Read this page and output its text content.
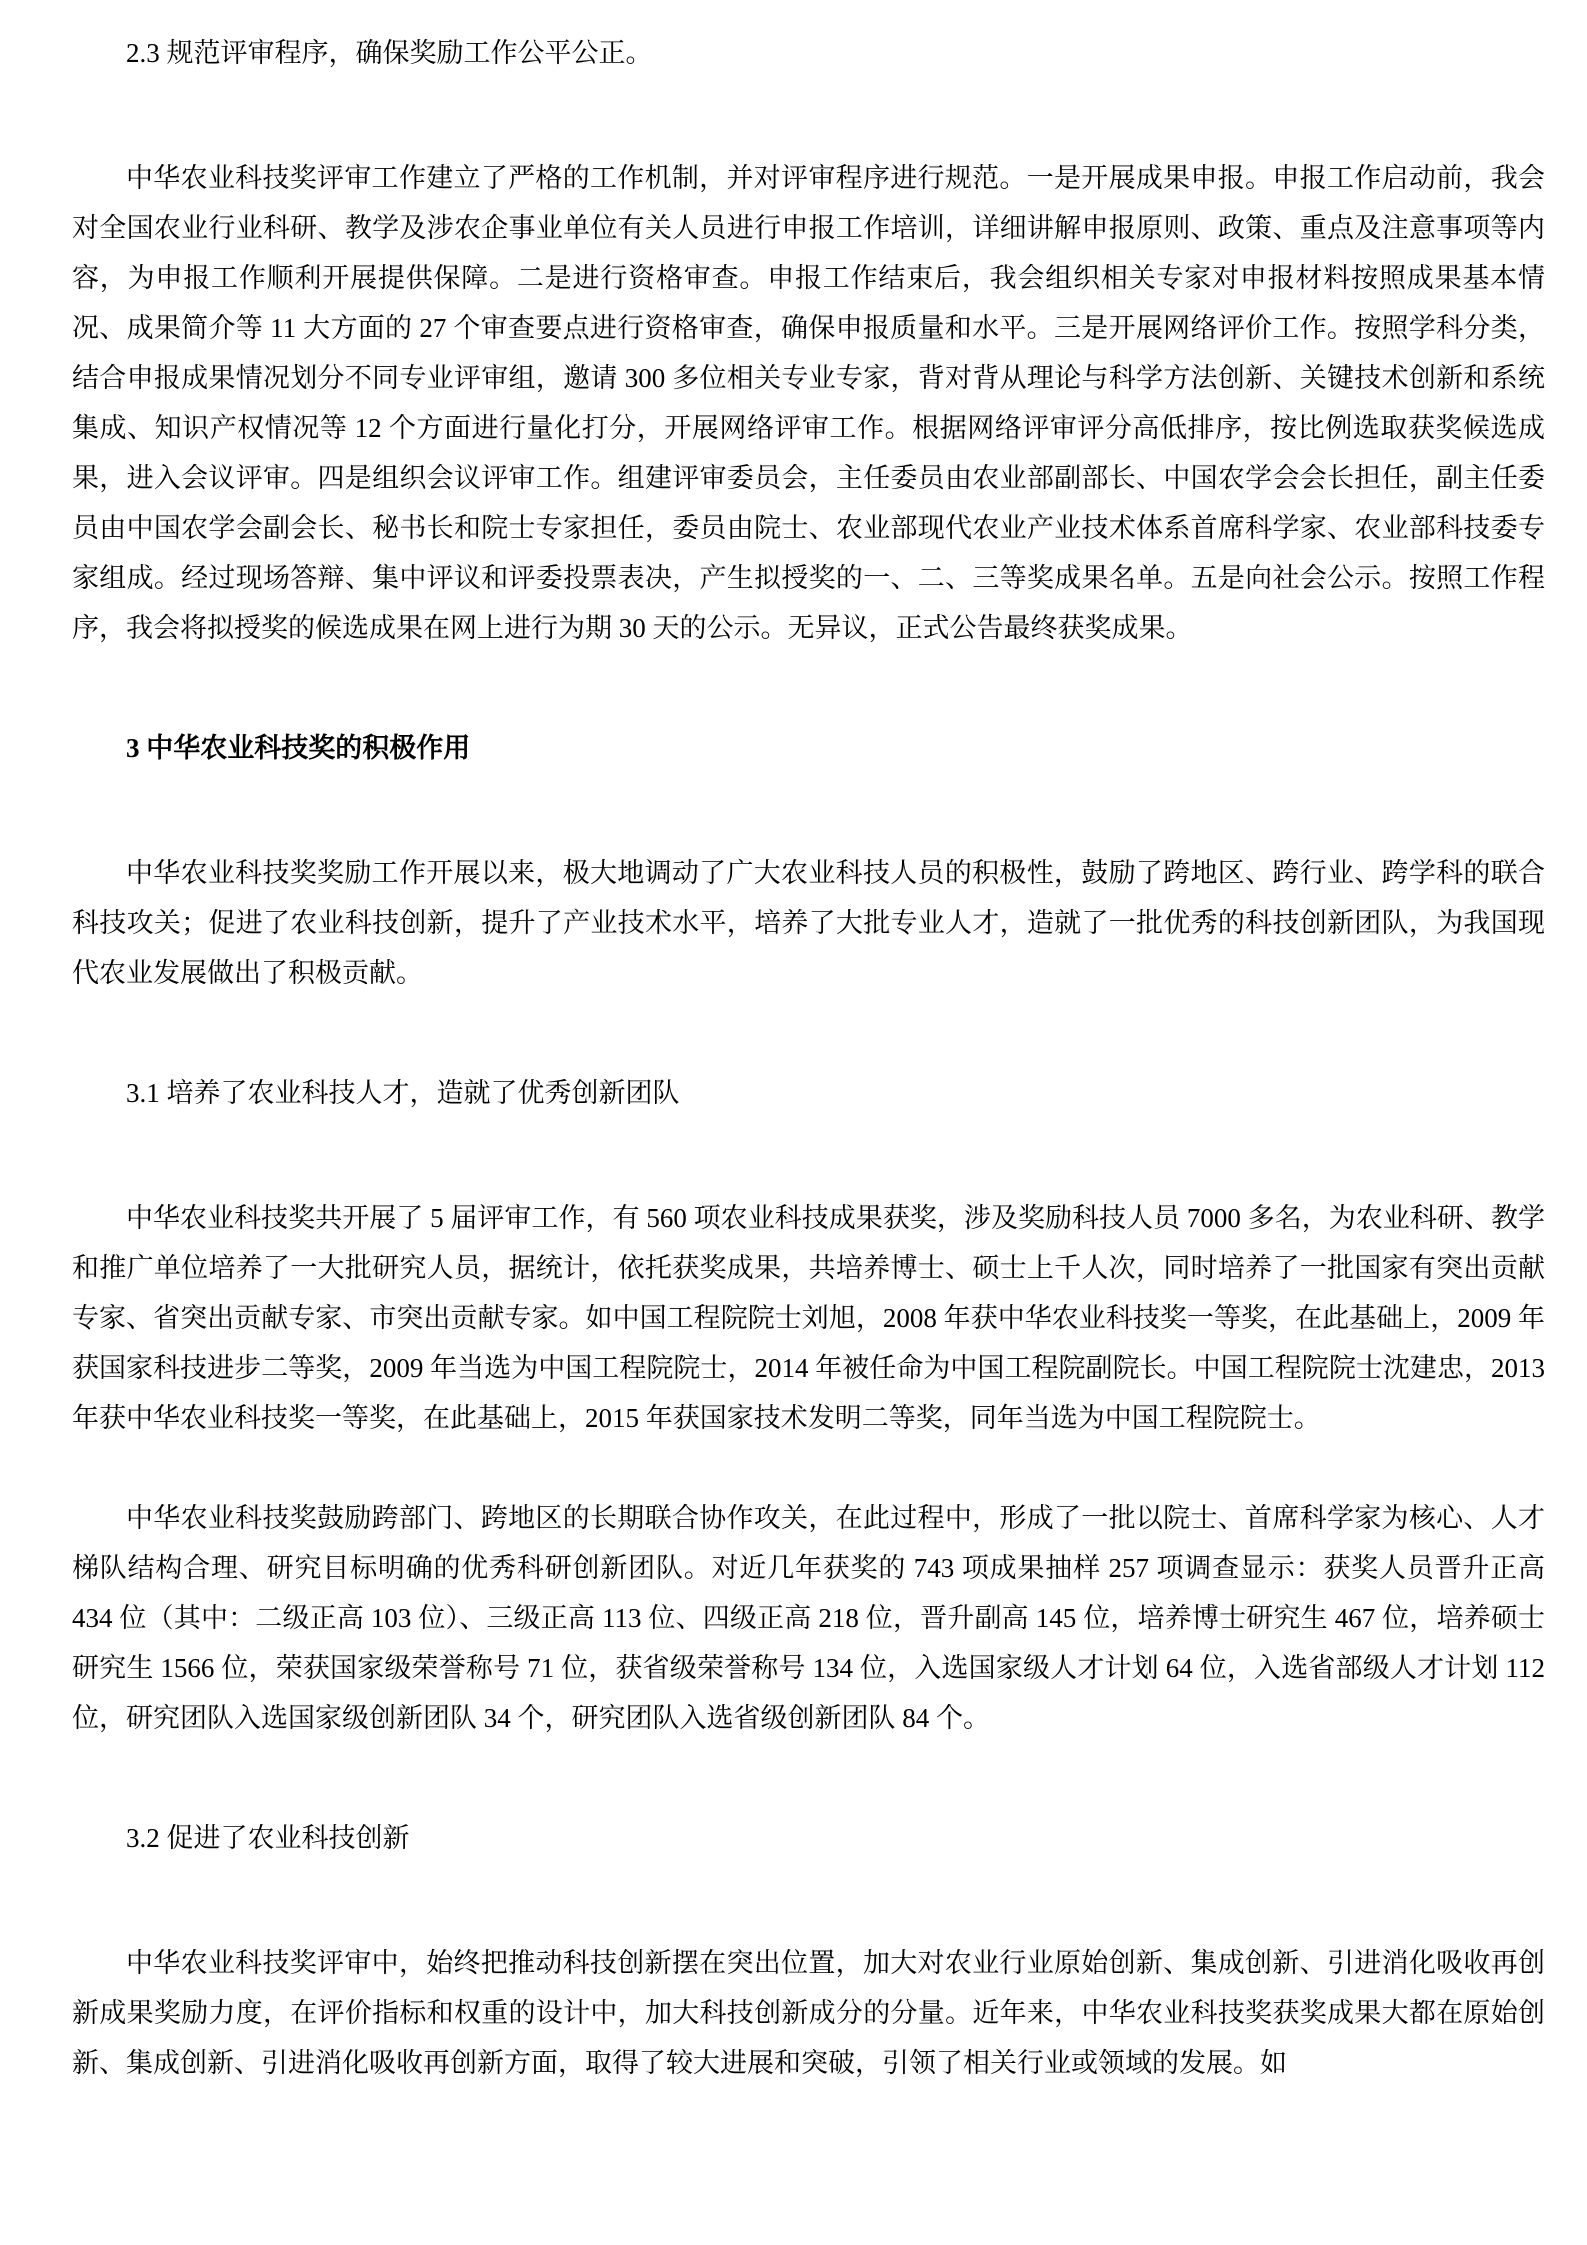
2.3 规范评审程序，确保奖励工作公平公正。

中华农业科技奖评审工作建立了严格的工作机制，并对评审程序进行规范。一是开展成果申报。申报工作启动前，我会对全国农业行业科研、教学及涉农企事业单位有关人员进行申报工作培训，详细讲解申报原则、政策、重点及注意事项等内容，为申报工作顺利开展提供保障。二是进行资格审查。申报工作结束后，我会组织相关专家对申报材料按照成果基本情况、成果简介等 11 大方面的 27 个审查要点进行资格审查，确保申报质量和水平。三是开展网络评价工作。按照学科分类，结合申报成果情况划分不同专业评审组，邀请 300 多位相关专业专家，背对背从理论与科学方法创新、关键技术创新和系统集成、知识产权情况等 12 个方面进行量化打分，开展网络评审工作。根据网络评审评分高低排序，按比例选取获奖候选成果，进入会议评审。四是组织会议评审工作。组建评审委员会，主任委员由农业部副部长、中国农学会会长担任，副主任委员由中国农学会副会长、秘书长和院士专家担任，委员由院士、农业部现代农业产业技术体系首席科学家、农业部科技委专家组成。经过现场答辩、集中评议和评委投票表决，产生拟授奖的一、二、三等奖成果名单。五是向社会公示。按照工作程序，我会将拟授奖的候选成果在网上进行为期 30 天的公示。无异议，正式公告最终获奖成果。

3 中华农业科技奖的积极作用

中华农业科技奖奖励工作开展以来，极大地调动了广大农业科技人员的积极性，鼓励了跨地区、跨行业、跨学科的联合科技攻关；促进了农业科技创新，提升了产业技术水平，培养了大批专业人才，造就了一批优秀的科技创新团队，为我国现代农业发展做出了积极贡献。

3.1 培养了农业科技人才，造就了优秀创新团队

中华农业科技奖共开展了 5 届评审工作，有 560 项农业科技成果获奖，涉及奖励科技人员 7000 多名，为农业科研、教学和推广单位培养了一大批研究人员，据统计，依托获奖成果，共培养博士、硕士上千人次，同时培养了一批国家有突出贡献专家、省突出贡献专家、市突出贡献专家。如中国工程院院士刘旭，2008 年获中华农业科技奖一等奖，在此基础上，2009 年获国家科技进步二等奖，2009 年当选为中国工程院院士，2014 年被任命为中国工程院副院长。中国工程院院士沈建忠，2013 年获中华农业科技奖一等奖，在此基础上，2015 年获国家技术发明二等奖，同年当选为中国工程院院士。

中华农业科技奖鼓励跨部门、跨地区的长期联合协作攻关，在此过程中，形成了一批以院士、首席科学家为核心、人才梯队结构合理、研究目标明确的优秀科研创新团队。对近几年获奖的 743 项成果抽样 257 项调查显示：获奖人员晋升正高 434 位（其中：二级正高 103 位）、三级正高 113 位、四级正高 218 位，晋升副高 145 位，培养博士研究生 467 位，培养硕士研究生 1566 位，荣获国家级荣誉称号 71 位，获省级荣誉称号 134 位，入选国家级人才计划 64 位，入选省部级人才计划 112 位，研究团队入选国家级创新团队 34 个，研究团队入选省级创新团队 84 个。

3.2 促进了农业科技创新

中华农业科技奖评审中，始终把推动科技创新摆在突出位置，加大对农业行业原始创新、集成创新、引进消化吸收再创新成果奖励力度，在评价指标和权重的设计中，加大科技创新成分的分量。近年来，中华农业科技奖获奖成果大都在原始创新、集成创新、引进消化吸收再创新方面，取得了较大进展和突破，引领了相关行业或领域的发展。如
